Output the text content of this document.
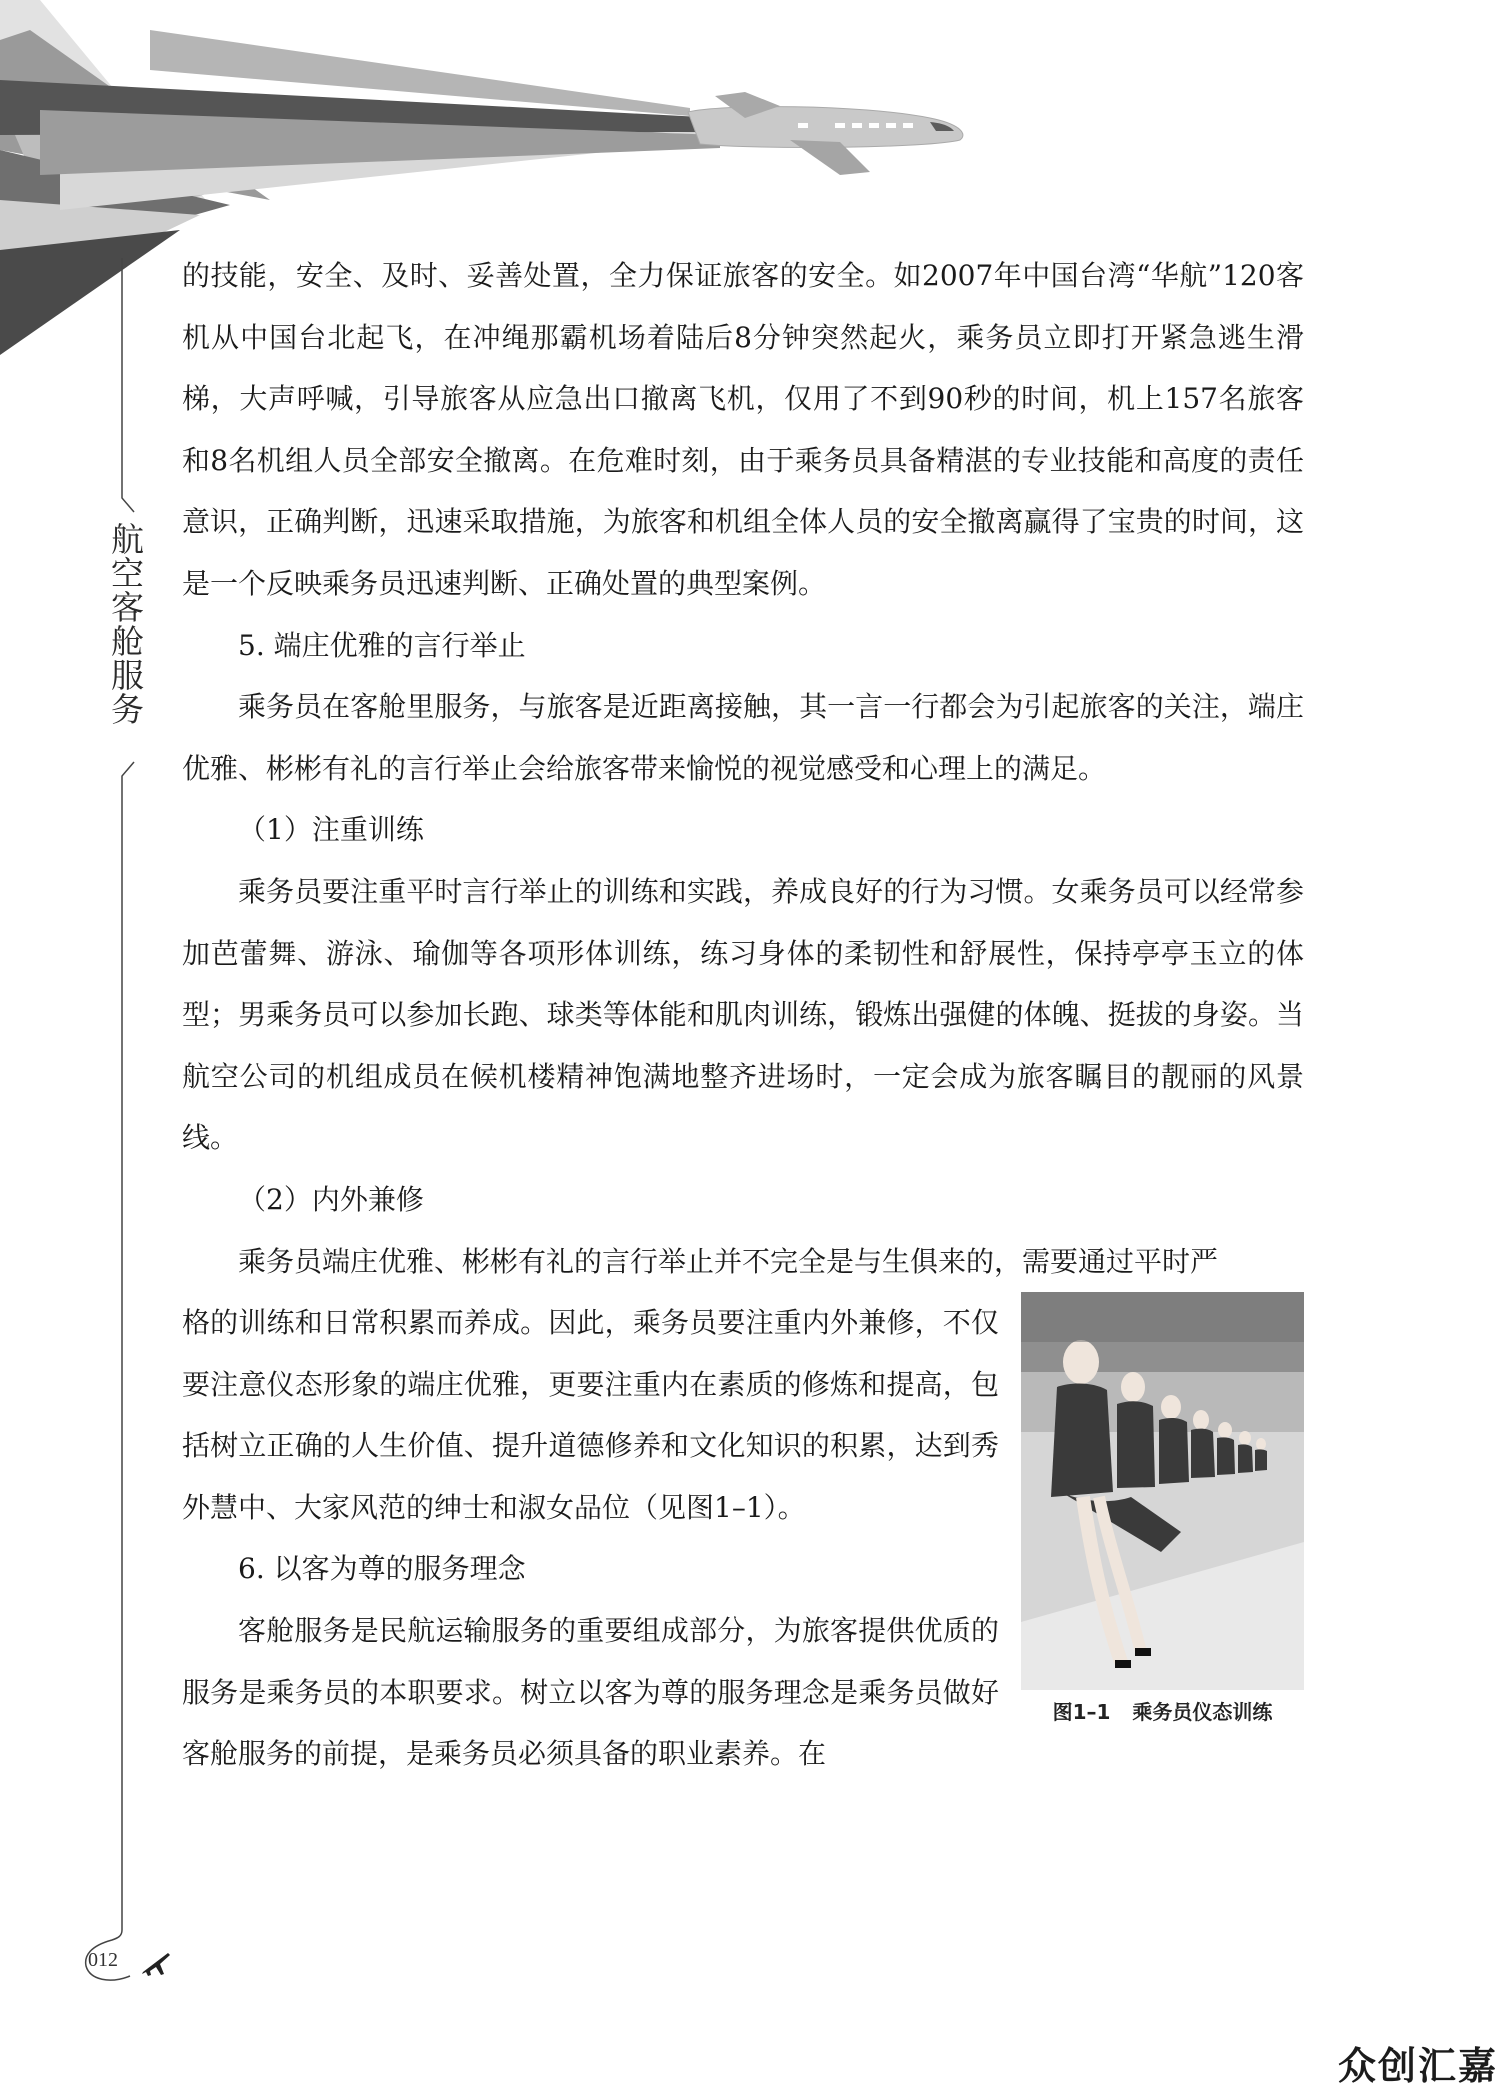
航空客舱服务
012

的技能，安全、及时、妥善处置，全力保证旅客的安全。如2007年中国台湾“华航”120客机从中国台北起飞，在冲绳那霸机场着陆后8分钟突然起火，乘务员立即打开紧急逃生滑梯，大声呼喊，引导旅客从应急出口撤离飞机，仅用了不到90秒的时间，机上157名旅客和8名机组人员全部安全撤离。在危难时刻，由于乘务员具备精湛的专业技能和高度的责任意识，正确判断，迅速采取措施，为旅客和机组全体人员的安全撤离赢得了宝贵的时间，这是一个反映乘务员迅速判断、正确处置的典型案例。

5. 端庄优雅的言行举止

乘务员在客舱里服务，与旅客是近距离接触，其一言一行都会为引起旅客的关注，端庄优雅、彬彬有礼的言行举止会给旅客带来愉悦的视觉感受和心理上的满足。

（1）注重训练

乘务员要注重平时言行举止的训练和实践，养成良好的行为习惯。女乘务员可以经常参加芭蕾舞、游泳、瑜伽等各项形体训练，练习身体的柔韧性和舒展性，保持亭亭玉立的体型；男乘务员可以参加长跑、球类等体能和肌肉训练，锻炼出强健的体魄、挺拔的身姿。当航空公司的机组成员在候机楼精神饱满地整齐进场时，一定会成为旅客瞩目的靓丽的风景线。

（2）内外兼修

乘务员端庄优雅、彬彬有礼的言行举止并不完全是与生俱来的，需要通过平时严

图1–1 乘务员仪态训练

格的训练和日常积累而养成。因此，乘务员要注重内外兼修，不仅要注意仪态形象的端庄优雅，更要注重内在素质的修炼和提高，包括树立正确的人生价值、提升道德修养和文化知识的积累，达到秀外慧中、大家风范的绅士和淑女品位（见图1–1）。

6. 以客为尊的服务理念

客舱服务是民航运输服务的重要组成部分，为旅客提供优质的服务是乘务员的本职要求。树立以客为尊的服务理念是乘务员做好客舱服务的前提，是乘务员必须具备的职业素养。在

众创汇嘉
